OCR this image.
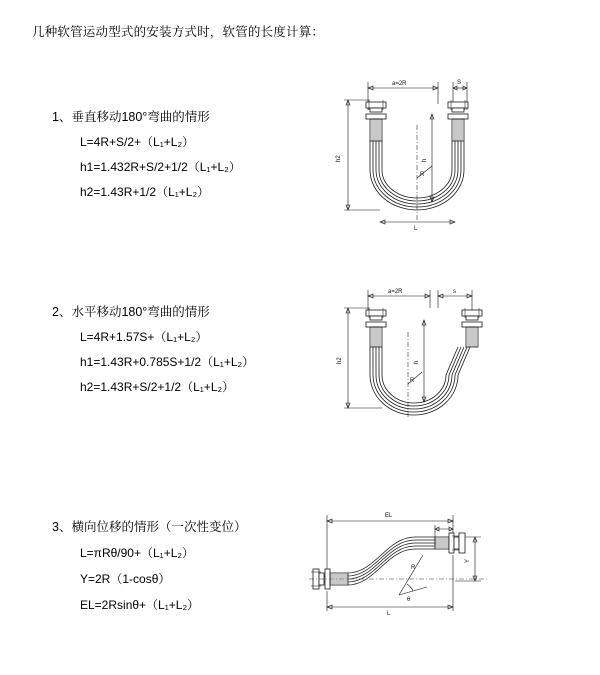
几种软管运动型式的安装方式时，软管的长度计算：
1、垂直移动180°弯曲的情形
L=4R+S/2+（L₁+L₂）
h1=1.432R+S/2+1/2（L₁+L₂）
h2=1.43R+1/2（L₁+L₂）
a=2R	S
h2	h
R
L
2、水平移动180°弯曲的情形
L=4R+1.57S+（L₁+L₂）
h1=1.43R+0.785S+1/2（L₁+L₂）
h2=1.43R+S/2+1/2（L₁+L₂）
a=2R	s
h2	h
R
3、横向位移的情形（一次性变位）
L=πRθ/90+（L₁+L₂）
Y=2R（1-cosθ）
EL=2Rsinθ+（L₁+L₂）
EL
Y
θ
R
L
